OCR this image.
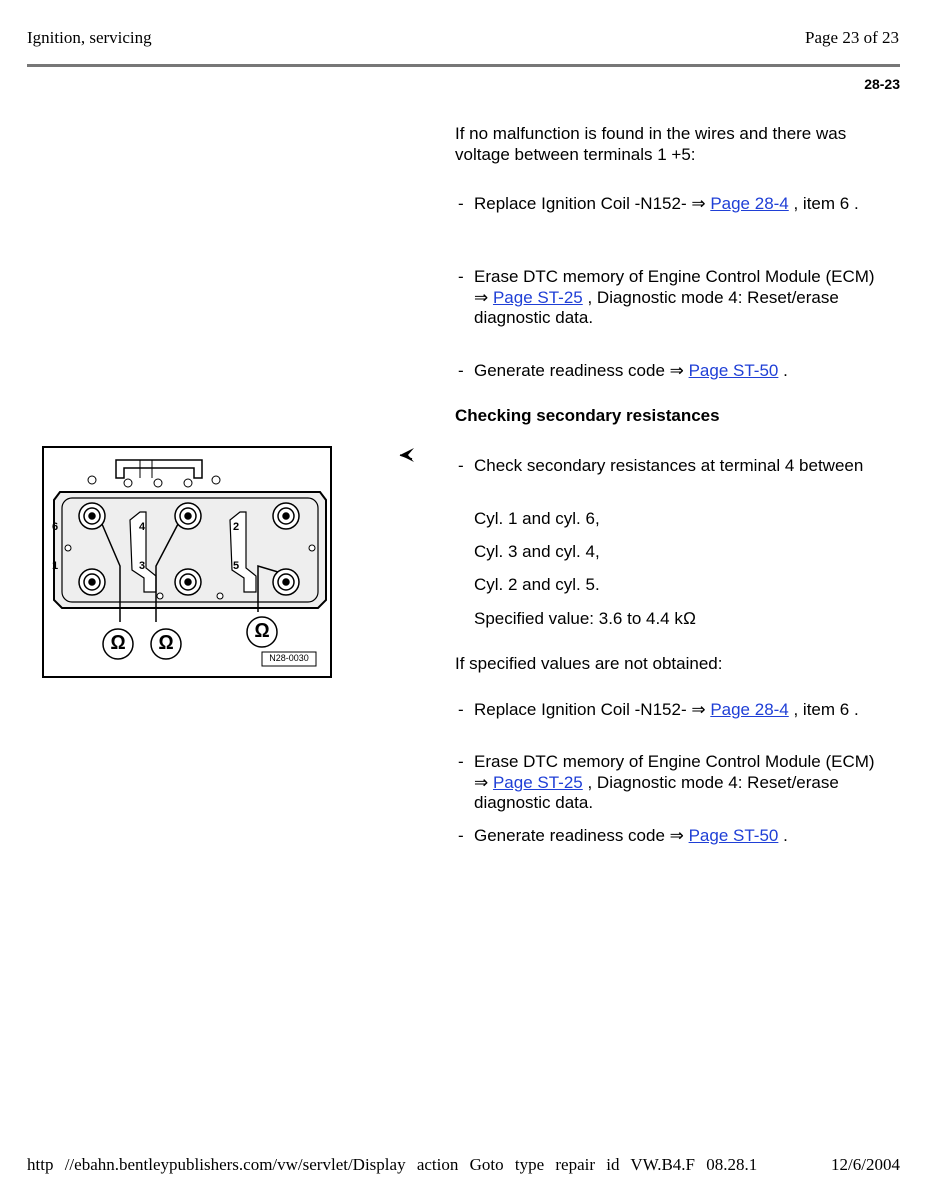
Ignition, servicing	Page 23 of 23
28-23
If no malfunction is found in the wires and there was voltage between terminals 1 +5:
- Replace Ignition Coil -N152- ⇒ Page 28-4 , item 6 .
- Erase DTC memory of Engine Control Module (ECM) ⇒ Page ST-25 , Diagnostic mode 4: Reset/erase diagnostic data.
- Generate readiness code ⇒ Page ST-50 .
Checking secondary resistances
6
1
4
3
2
5
Ω Ω
Ω
N28-0030
- Check secondary resistances at terminal 4 between
Cyl. 1 and cyl. 6,
Cyl. 3 and cyl. 4,
Cyl. 2 and cyl. 5.
Specified value: 3.6 to 4.4 kΩ
If specified values are not obtained:
- Replace Ignition Coil -N152- ⇒ Page 28-4 , item 6 .
- Erase DTC memory of Engine Control Module (ECM) ⇒ Page ST-25 , Diagnostic mode 4: Reset/erase diagnostic data.
- Generate readiness code ⇒ Page ST-50 .
http //ebahn.bentleypublishers.com/vw/servlet/Display action Goto type repair id VW.B4.F 08.28.1	12/6/2004
